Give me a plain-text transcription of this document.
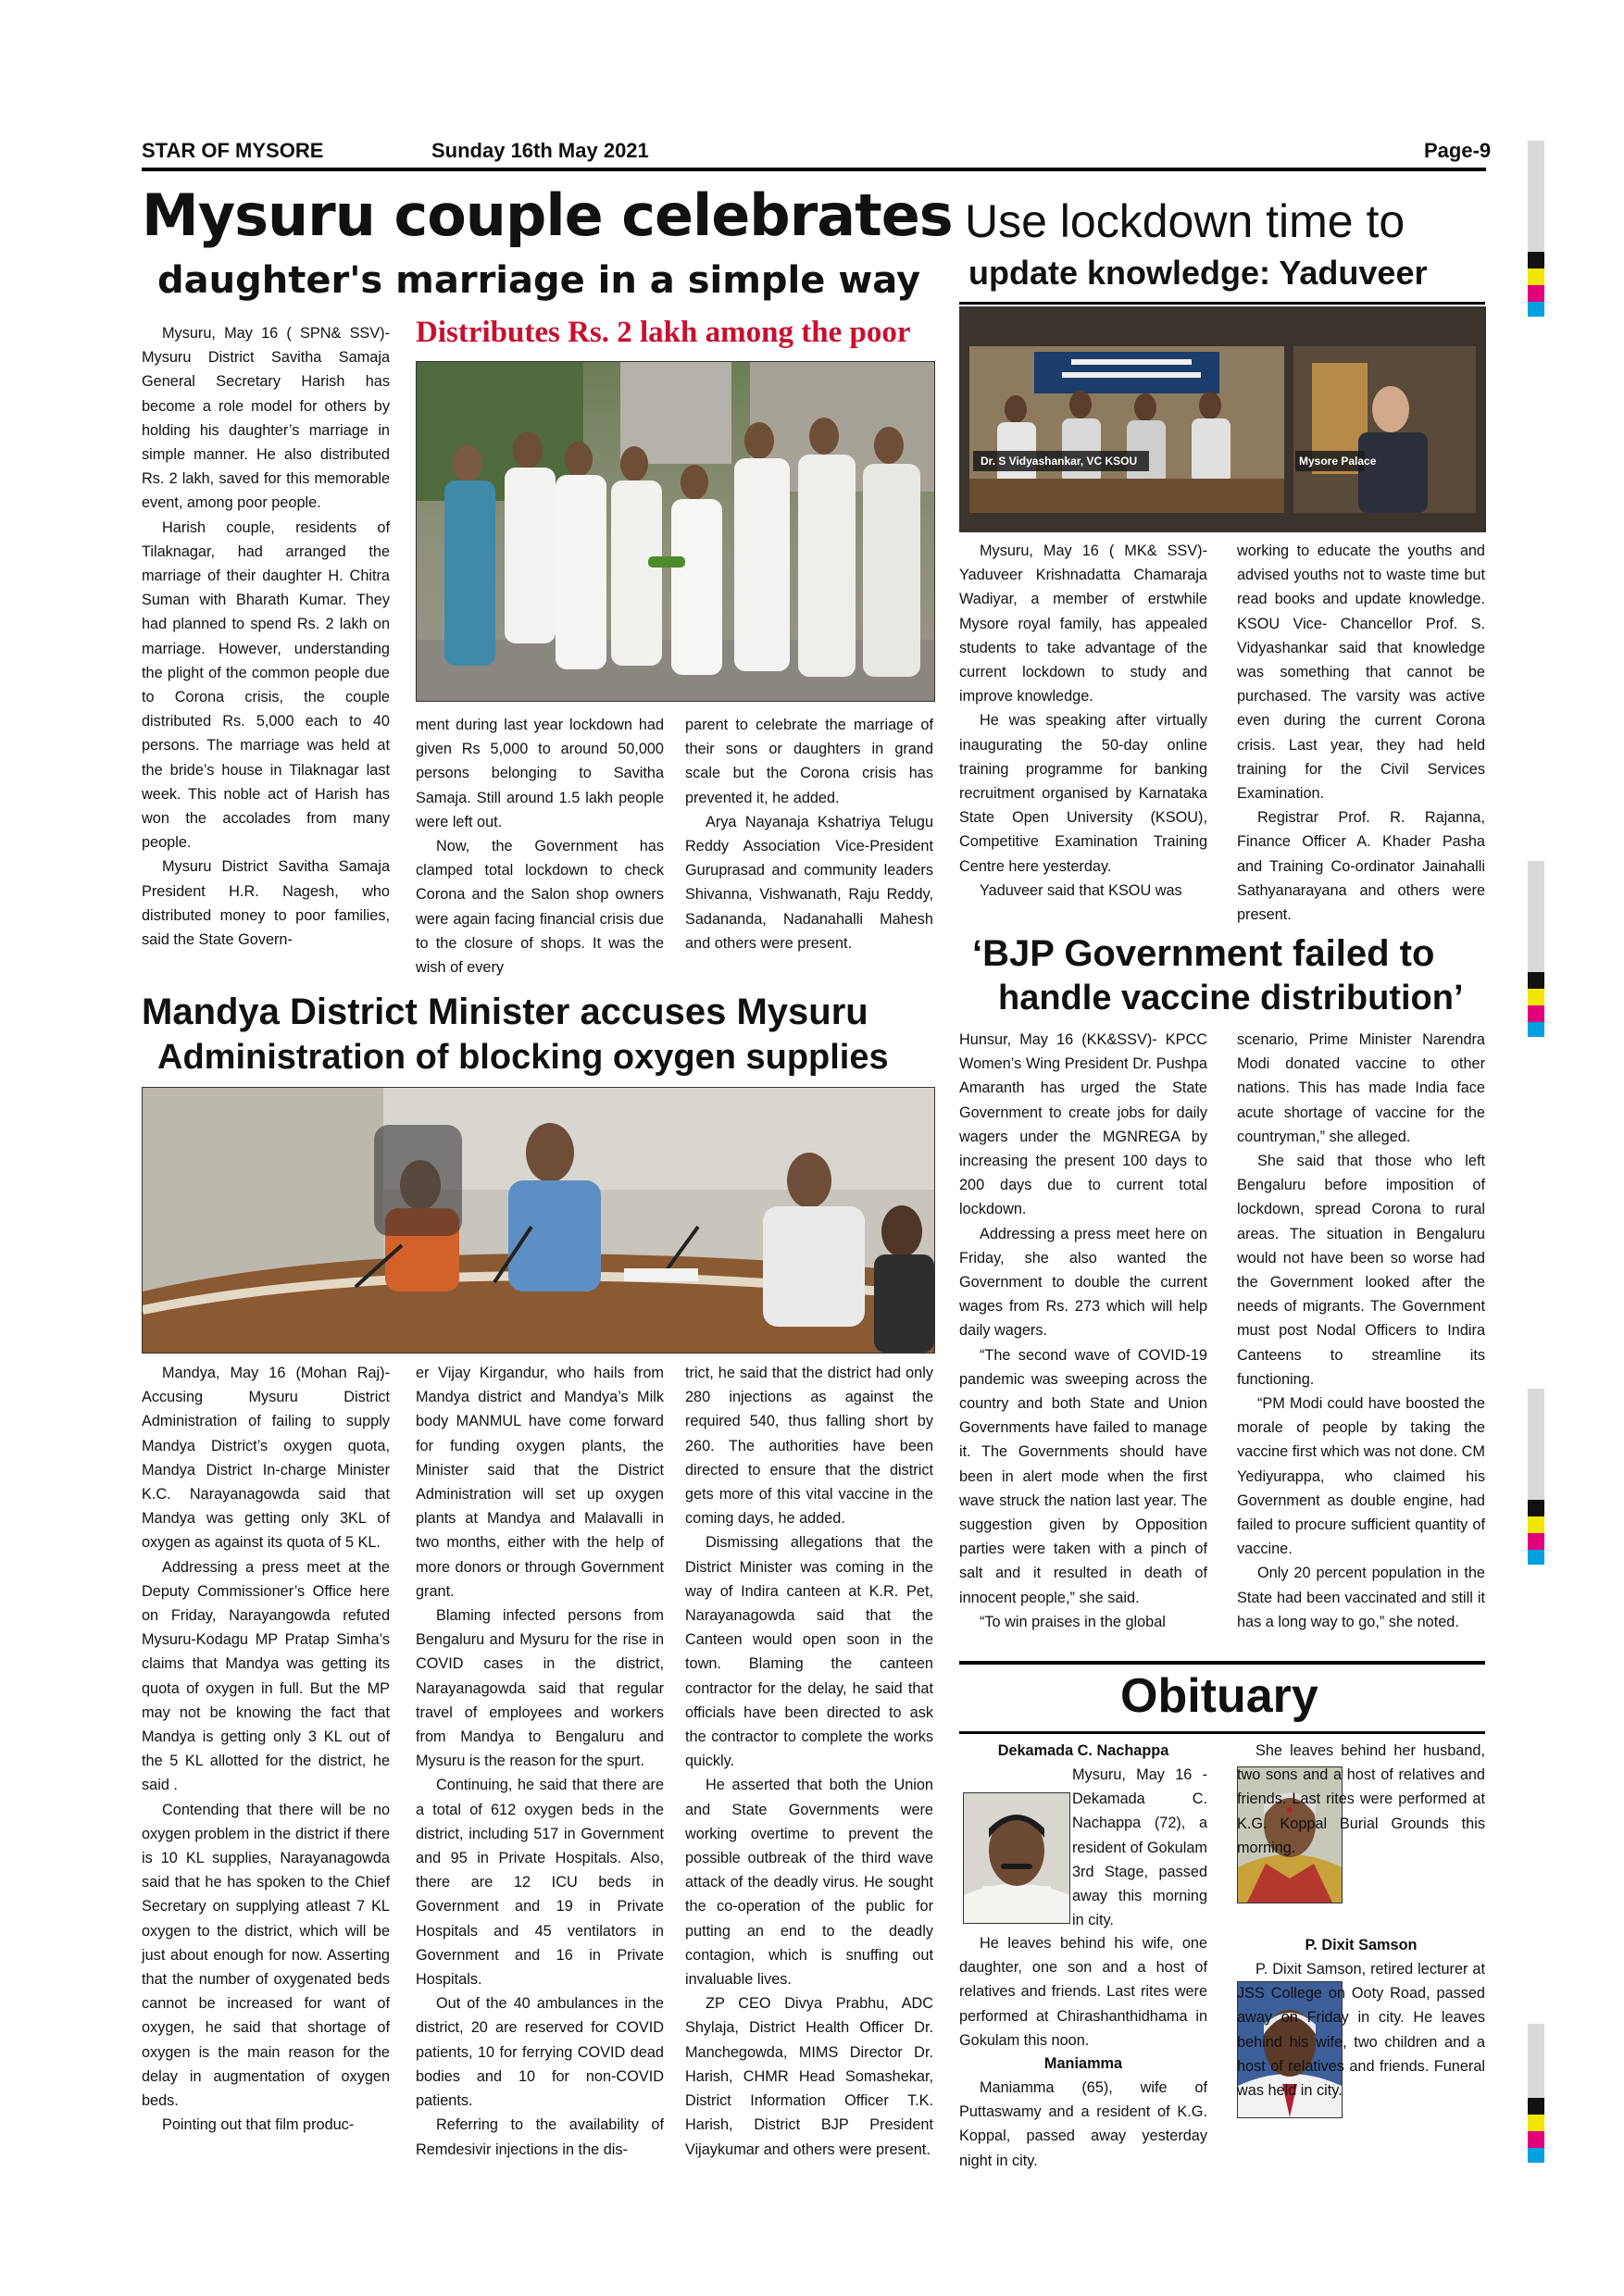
STAR OF MYSORE	Sunday 16th May 2021	Page-9
Mysuru couple celebrates
daughter's marriage in a simple way

Mysuru, May 16 ( SPN& SSV)- Mysuru District Savitha Samaja General Secretary Harish has become a role model for others by holding his daughter’s marriage in simple manner. He also distributed Rs. 2 lakh, saved for this memorable event, among poor people.

Harish couple, residents of Tilaknagar, had arranged the marriage of their daughter H. Chitra Suman with Bharath Kumar. They had planned to spend Rs. 2 lakh on marriage. However, understanding the plight of the common people due to Corona crisis, the couple distributed Rs. 5,000 each to 40 persons. The marriage was held at the bride’s house in Tilaknagar last week. This noble act of Harish has won the accolades from many people.

Mysuru District Savitha Samaja President H.R. Nagesh, who distributed money to poor families, said the State Govern-

Distributes Rs. 2 lakh among the poor

ment during last year lockdown had given Rs 5,000 to around 50,000 persons belonging to Savitha Samaja. Still around 1.5 lakh people were left out.

Now, the Government has clamped total lockdown to check Corona and the Salon shop owners were again facing financial crisis due to the closure of shops. It was the wish of every

parent to celebrate the marriage of their sons or daughters in grand scale but the Corona crisis has prevented it, he added.

Arya Nayanaja Kshatriya Telugu Reddy Association Vice-President Guruprasad and community leaders Shivanna, Vishwanath, Raju Reddy, Sadananda, Nadanahalli Mahesh and others were present.

Use lockdown time to
update knowledge: Yaduveer
Dr. S Vidyashankar, VC KSOU	Mysore Palace

Mysuru, May 16 ( MK& SSV)- Yaduveer Krishnadatta Chamaraja Wadiyar, a member of erstwhile Mysore royal family, has appealed students to take advantage of the current lockdown to study and improve knowledge.

He was speaking after virtually inaugurating the 50-day online training programme for banking recruitment organised by Karnataka State Open University (KSOU), Competitive Examination Training Centre here yesterday.

Yaduveer said that KSOU was

working to educate the youths and advised youths not to waste time but read books and update knowledge. KSOU Vice- Chancellor Prof. S. Vidyashankar said that knowledge was something that cannot be purchased. The varsity was active even during the current Corona crisis. Last year, they had held training for the Civil Services Examination.

Registrar Prof. R. Rajanna, Finance Officer A. Khader Pasha and Training Co-ordinator Jainahalli Sathyanarayana and others were present.

‘BJP Government failed to
handle vaccine distribution’

Hunsur, May 16 (KK&SSV)- KPCC Women’s Wing President Dr. Pushpa Amaranth has urged the State Government to create jobs for daily wagers under the MGNREGA by increasing the present 100 days to 200 days due to current total lockdown.

Addressing a press meet here on Friday, she also wanted the Government to double the current wages from Rs. 273 which will help daily wagers.

“The second wave of COVID-19 pandemic was sweeping across the country and both State and Union Governments have failed to manage it. The Governments should have been in alert mode when the first wave struck the nation last year. The suggestion given by Opposition parties were taken with a pinch of salt and it resulted in death of innocent people,” she said.

“To win praises in the global

scenario, Prime Minister Narendra Modi donated vaccine to other nations. This has made India face acute shortage of vaccine for the countryman,” she alleged.

She said that those who left Bengaluru before imposition of lockdown, spread Corona to rural areas. The situation in Bengaluru would not have been so worse had the Government looked after the needs of migrants. The Government must post Nodal Officers to Indira Canteens to streamline its functioning.

“PM Modi could have boosted the morale of people by taking the vaccine first which was not done. CM Yediyurappa, who claimed his Government as double engine, had failed to procure sufficient quantity of vaccine.

Only 20 percent population in the State had been vaccinated and still it has a long way to go,” she noted.

Mandya District Minister accuses Mysuru
Administration of blocking oxygen supplies

Mandya, May 16 (Mohan Raj)- Accusing Mysuru District Administration of failing to supply Mandya District’s oxygen quota, Mandya District In-charge Minister K.C. Narayanagowda said that Mandya was getting only 3KL of oxygen as against its quota of 5 KL.

Addressing a press meet at the Deputy Commissioner’s Office here on Friday, Narayangowda refuted Mysuru-Kodagu MP Pratap Simha’s claims that Mandya was getting its quota of oxygen in full. But the MP may not be knowing the fact that Mandya is getting only 3 KL out of the 5 KL allotted for the district, he said .

Contending that there will be no oxygen problem in the district if there is 10 KL supplies, Narayanagowda said that he has spoken to the Chief Secretary on supplying atleast 7 KL oxygen to the district, which will be just about enough for now. Asserting that the number of oxygenated beds cannot be increased for want of oxygen, he said that shortage of oxygen is the main reason for the delay in augmentation of oxygen beds.

Pointing out that film produc-

er Vijay Kirgandur, who hails from Mandya district and Mandya’s Milk body MANMUL have come forward for funding oxygen plants, the Minister said that the District Administration will set up oxygen plants at Mandya and Malavalli in two months, either with the help of more donors or through Government grant.

Blaming infected persons from Bengaluru and Mysuru for the rise in COVID cases in the district, Narayanagowda said that regular travel of employees and workers from Mandya to Bengaluru and Mysuru is the reason for the spurt.

Continuing, he said that there are a total of 612 oxygen beds in the district, including 517 in Government and 95 in Private Hospitals. Also, there are 12 ICU beds in Government and 19 in Private Hospitals and 45 ventilators in Government and 16 in Private Hospitals.

Out of the 40 ambulances in the district, 20 are reserved for COVID patients, 10 for ferrying COVID dead bodies and 10 for non-COVID patients.

Referring to the availability of Remdesivir injections in the dis-

trict, he said that the district had only 280 injections as against the required 540, thus falling short by 260. The authorities have been directed to ensure that the district gets more of this vital vaccine in the coming days, he added.

Dismissing allegations that the District Minister was coming in the way of Indira canteen at K.R. Pet, Narayanagowda said that the Canteen would open soon in the town. Blaming the canteen contractor for the delay, he said that officials have been directed to ask the contractor to complete the works quickly.

He asserted that both the Union and State Governments were working overtime to prevent the possible outbreak of the third wave attack of the deadly virus. He sought the co-operation of the public for putting an end to the deadly contagion, which is snuffing out invaluable lives.

ZP CEO Divya Prabhu, ADC Shylaja, District Health Officer Dr. Manchegowda, MIMS Director Dr. Harish, CHMR Head Somashekar, District Information Officer T.K. Harish, District BJP President Vijaykumar and others were present.

Obituary
Dekamada C. Nachappa

Mysuru, May 16 - Dekamada C. Nachappa (72), a resident of Gokulam 3rd Stage, passed away this morning in city.

He leaves behind his wife, one daughter, one son and a host of relatives and friends. Last rites were performed at Chirashanthidhama in Gokulam this noon.

Maniamma

Maniamma (65), wife of Puttaswamy and a resident of K.G. Koppal, passed away yesterday night in city.

She leaves behind her husband, two sons and a host of relatives and friends. Last rites were performed at K.G. Koppal Burial Grounds this morning.

P. Dixit Samson

P. Dixit Samson, retired lecturer at JSS College on Ooty Road, passed away on Friday in city. He leaves behind his wife, two children and a host of relatives and friends. Funeral was held in city.
